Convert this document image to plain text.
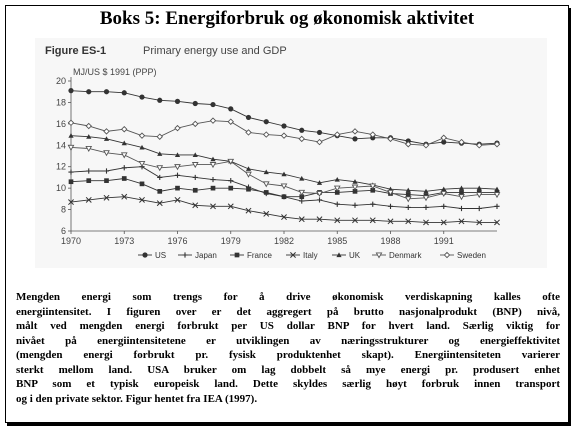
Boks 5: Energiforbruk og økonomisk aktivitet
Figure ES-1	Primary energy use and GDP
MJ/US $ 1991 (PPP)
6
8
10
12
14
16
18
20
1970	1973	1976	1979	1982	1985	1988	1991
US	Japan	France	Italy	UK	Denmark	Sweden
Mengden energi som trengs for å drive økonomisk verdiskapning kalles ofte
energiintensitet. I figuren over er det aggregert på brutto nasjonalprodukt (BNP) nivå,
målt ved mengden energi forbrukt per US dollar BNP for hvert land. Særlig viktig for
nivået på energiintensitetene er utviklingen av næringsstrukturer og energieffektivitet
(mengden energi forbrukt pr. fysisk produktenhet skapt). Energiintensiteten varierer
sterkt mellom land. USA bruker om lag dobbelt så mye energi pr. produsert enhet
BNP som et typisk europeisk land. Dette skyldes særlig høyt forbruk innen transport
og i den private sektor. Figur hentet fra IEA (1997).
